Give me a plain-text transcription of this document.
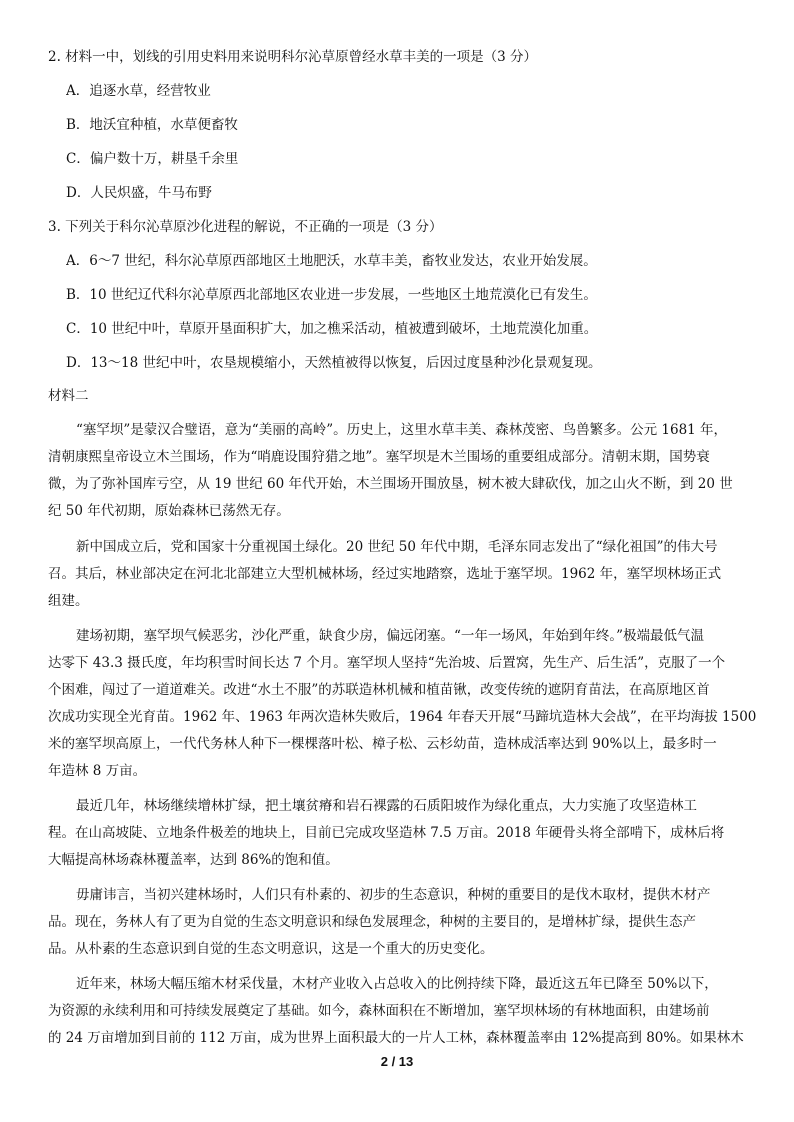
2. 材料一中，划线的引用史料用来说明科尔沁草原曾经水草丰美的一项是（3 分）
A．追逐水草，经营牧业
B．地沃宜种植，水草便畜牧
C．偏户数十万，耕垦千余里
D．人民炽盛，牛马布野
3. 下列关于科尔沁草原沙化进程的解说，不正确的一项是（3 分）
A．6～7 世纪，科尔沁草原西部地区土地肥沃，水草丰美，畜牧业发达，农业开始发展。
B．10 世纪辽代科尔沁草原西北部地区农业进一步发展，一些地区土地荒漠化已有发生。
C．10 世纪中叶，草原开垦面积扩大，加之樵采活动，植被遭到破坏，土地荒漠化加重。
D．13～18 世纪中叶，农垦规模缩小，天然植被得以恢复，后因过度垦种沙化景观复现。
材料二
“塞罕坝”是蒙汉合璧语，意为“美丽的高岭”。历史上，这里水草丰美、森林茂密、鸟兽繁多。公元 1681 年，
清朝康熙皇帝设立木兰围场，作为“哨鹿设围狩猎之地”。塞罕坝是木兰围场的重要组成部分。清朝末期，国势衰
微，为了弥补国库亏空，从 19 世纪 60 年代开始，木兰围场开围放垦，树木被大肆砍伐，加之山火不断，到 20 世
纪 50 年代初期，原始森林已荡然无存。
新中国成立后，党和国家十分重视国土绿化。20 世纪 50 年代中期，毛泽东同志发出了“绿化祖国”的伟大号
召。其后，林业部决定在河北北部建立大型机械林场，经过实地踏察，选址于塞罕坝。1962 年，塞罕坝林场正式
组建。
建场初期，塞罕坝气候恶劣，沙化严重，缺食少房，偏远闭塞。“一年一场风，年始到年终。”极端最低气温
达零下 43.3 摄氏度，年均积雪时间长达 7 个月。塞罕坝人坚持“先治坡、后置窝，先生产、后生活”，克服了一个
个困难，闯过了一道道难关。改进“水土不服”的苏联造林机械和植苗锹，改变传统的遮阴育苗法，在高原地区首
次成功实现全光育苗。1962 年、1963 年两次造林失败后，1964 年春天开展“马蹄坑造林大会战”，在平均海拔 1500
米的塞罕坝高原上，一代代务林人种下一棵棵落叶松、樟子松、云杉幼苗，造林成活率达到 90%以上，最多时一
年造林 8 万亩。
最近几年，林场继续增林扩绿，把土壤贫瘠和岩石裸露的石质阳坡作为绿化重点，大力实施了攻坚造林工
程。在山高坡陡、立地条件极差的地块上，目前已完成攻坚造林 7.5 万亩。2018 年硬骨头将全部啃下，成林后将
大幅提高林场森林覆盖率，达到 86%的饱和值。
毋庸讳言，当初兴建林场时，人们只有朴素的、初步的生态意识，种树的重要目的是伐木取材，提供木材产
品。现在，务林人有了更为自觉的生态文明意识和绿色发展理念，种树的主要目的，是增林扩绿，提供生态产
品。从朴素的生态意识到自觉的生态文明意识，这是一个重大的历史变化。
近年来，林场大幅压缩木材采伐量，木材产业收入占总收入的比例持续下降，最近这五年已降至 50%以下，
为资源的永续利用和可持续发展奠定了基础。如今，森林面积在不断增加，塞罕坝林场的有林地面积，由建场前
的 24 万亩增加到目前的 112 万亩，成为世界上面积最大的一片人工林，森林覆盖率由 12%提高到 80%。如果林木
2 / 13
